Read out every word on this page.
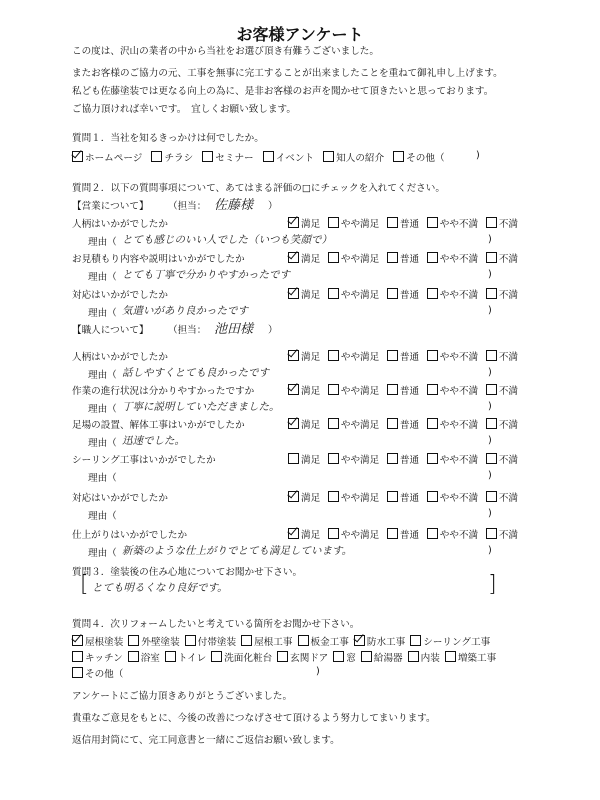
お客様アンケート
この度は、沢山の業者の中から当社をお選び頂き有難うございました。
またお客様のご協力の元、工事を無事に完工することが出来ましたことを重ねて御礼申し上げます。
私ども佐藤塗装では更なる向上の為に、是非お客様のお声を聞かせて頂きたいと思っております。
ご協力頂ければ幸いです。　宜しくお願い致します。
質問１．当社を知るきっかけは何でしたか。
ホームページ チラシ セミナー イベント 知人の紹介 その他（	)
質問２．以下の質問事項について、あてはまる評価の□にチェックを入れてください。
【営業について】 （担当： 佐藤様 ）
【職人について】 （担当： 池田様 ）
人柄はいかがでしたか	満足	やや満足	普通	やや不満	不満
理由（ とても感じのいい人でした（いつも笑顔で）	)
お見積もり内容や説明はいかがでしたか	満足	やや満足	普通	やや不満	不満
理由（ とても丁寧で分かりやすかったです	)
対応はいかがでしたか	満足	やや満足	普通	やや不満	不満
理由（ 気遣いがあり良かったです	)
人柄はいかがでしたか	満足	やや満足	普通	やや不満	不満
理由（ 話しやすくとても良かったです	)
作業の進行状況は分かりやすかったですか	満足	やや満足	普通	やや不満	不満
理由（ 丁寧に説明していただきました。	)
足場の設置、解体工事はいかがでしたか	満足	やや満足	普通	やや不満	不満
理由（ 迅速でした。	)
シーリング工事はいかがでしたか	満足	やや満足	普通	やや不満	不満
理由（	)
対応はいかがでしたか	満足	やや満足	普通	やや不満	不満
理由（	)
仕上がりはいかがでしたか	満足	やや満足	普通	やや不満	不満
理由（ 新築のような仕上がりでとても満足しています。	)
質問３．塗装後の住み心地についてお聞かせ下さい。
[ とても明るくなり良好です。	]
質問４．次リフォームしたいと考えている箇所をお聞かせ下さい。
屋根塗装 外壁塗装 付帯塗装 屋根工事 板金工事 防水工事 シーリング工事
キッチン 浴室 トイレ 洗面化粧台 玄関ドア 窓 給湯器 内装 増築工事
その他（	)
アンケートにご協力頂きありがとうございました。
貴重なご意見をもとに、今後の改善につなげさせて頂けるよう努力してまいります。
返信用封筒にて、完工同意書と一緒にご返信お願い致します。
